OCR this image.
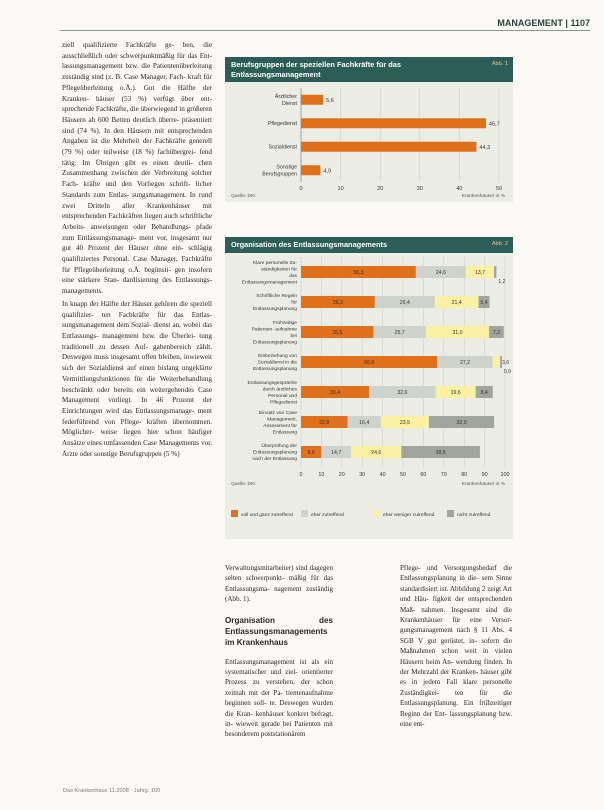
MANAGEMENT | 1107

ziell qualifizierte Fachkräfte ge- ben, die ausschließlich oder schwerpunktmäßig für das Ent- lassungsmanagement bzw. die Patientenüberleitung zuständig sind (z. B. Case Manager, Fach- kraft für Pflegeüberleitung o.Ä.). Gut die Hälfte der Kranken- häuser (53 %) verfügt über ent- sprechende Fachkräfte, die überwiegend in größeren Häusern ab 600 Betten deutlich überre- präsentiert sind (74 %). In den Häusern mit entsprechenden Angaben ist die Mehrheit der Fachkräfte generell (79 %) oder teilweise (18 %) fachübergrei- fend tätig. Im Übrigen gibt es einen deutli- chen Zusammenhang zwischen der Verbreitung solcher Fach- kräfte und den Vorliegen schrift- licher Standards zum Entlas- sungsmanagement. In rund zwei Dritteln aller Krankenhäuser mit entsprechenden Fachkräften liegen auch schriftliche Arbeits- anweisungen oder Behandlungs- pfade zum Entlassungsmanage- ment vor, insgesamt nur gut 40 Prozent der Häuser ohne ein- schlägig qualifiziertes Personal. Case Manager, Fachkräfte für Pflegeüberleitung o.Ä. begünsti- gen insofern eine stärkere Stan- dardisierung des Entlassungs- managements.

In knapp der Hälfte der Häuser gehören die speziell qualifizier- ten Fachkräfte für das Entlas- sungsmanagement dem Sozial- dienst an, wobei das Entlassungs- management bzw. die Überlei- tung traditionell zu dessen Auf- gabenbereich zählt. Deswegen muss insgesamt offen bleiben, inwieweit sich der Sozialdienst auf einen bislang ungeklärte Vermittlungsfunktionen für die Weiterbehandlung beschränkt oder bereits ein weitergehendes Case Management vorliegt. In 46 Prozent der Einrichtungen wird das Entlassungsmanage- ment federführend von Pflege- kräften übernommen. Möglicher- weise liegen hier schon häufiger Ansätze eines umfassenden Case Managements vor. Ärzte oder sonstige Berufsgruppen (5 %)

Berufsgruppen der speziellen Fachkräfte für das Entlassungsmanagement
Abb. 1
0	10	20	30	40	50
5,6
Ärztlicher Dienst
46,7
Pflegedienst
44,3
Sozialdienst
4,9
Sonstige Berufsgruppen
Quelle: DKI	Krankenhäuser in %
Organisation des Entlassungsmanagements	Abb. 2
0	10	20	30	40	50	60	70	80	90 100
56,3	24,6	13,7
1,2
Klare personelle Zu-ständigkeiten für das Entlassungsmanagement
36,2	29,4	21,4	5,4
Schriftliche Regeln für Entlassungsplanung
35,5	25,7	31,0	7,2
Frühzeitige Patienten- aufnahme bei Entlassungsplanung
66,8	27,2	3,6
0,9
Einbeziehung von Sozialdienst in die Entlassungsplanung
33,4	32,6	19,6	8,4
Entlassungsgespräche durch ärztliches Personal und Pflegedienst
22,8	16,4	23,5	32,0
Einsatz von Case Management, Assessment für Entlassung
9,9	14,7	24,6	38,5
Überprüfung der Entlassungsplanung nach der Entlassung
Quelle: DKI	Krankenhäuser in %
voll und ganz zutreffend	eher zutreffend	eher weniger zutreffend	nicht zutreffend

Verwaltungsmitarbeiter) sind dagegen selten schwerpunkt- mäßig für das Entlassungsma- nagement zuständig (Abb. 1).

Organisation des Entlassungsmanagements im Krankenhaus

Entlassungsmanagement ist als ein systematischer und ziel- orientierter Prozess zu verstehen, der schon zeitnah mit der Pa- tientenaufnahme beginnen soll- te. Deswegen wurden die Kran- kenhäuser konkret befragt, in- wieweit gerade bei Patienten mit besonderem poststationärem

Pflege- und Versorgungsbedarf die Entlassungsplanung in die- sem Sinne standardisiert ist. Abbildung 2 zeigt Art und Häu- figkeit der entsprechenden Maß- nahmen. Insgesamt sind die Krankenhäuser für eine Versor- gungsmanagement nach § 11 Abs. 4 SGB V gut gerüstet, in- sofern die Maßnahmen schon weit in vielen Häusern beim An- wendung finden. In der Mehrzahl der Kranken- häuser gibt es in jedem Fall klare personelle Zuständigkei- ten für die Entlassungsplanung. Ein frühzeitiger Beginn der Ent- lassungsplanung bzw. eine ent-

Das Krankenhaus 11.2008 · Jahrg. 100
